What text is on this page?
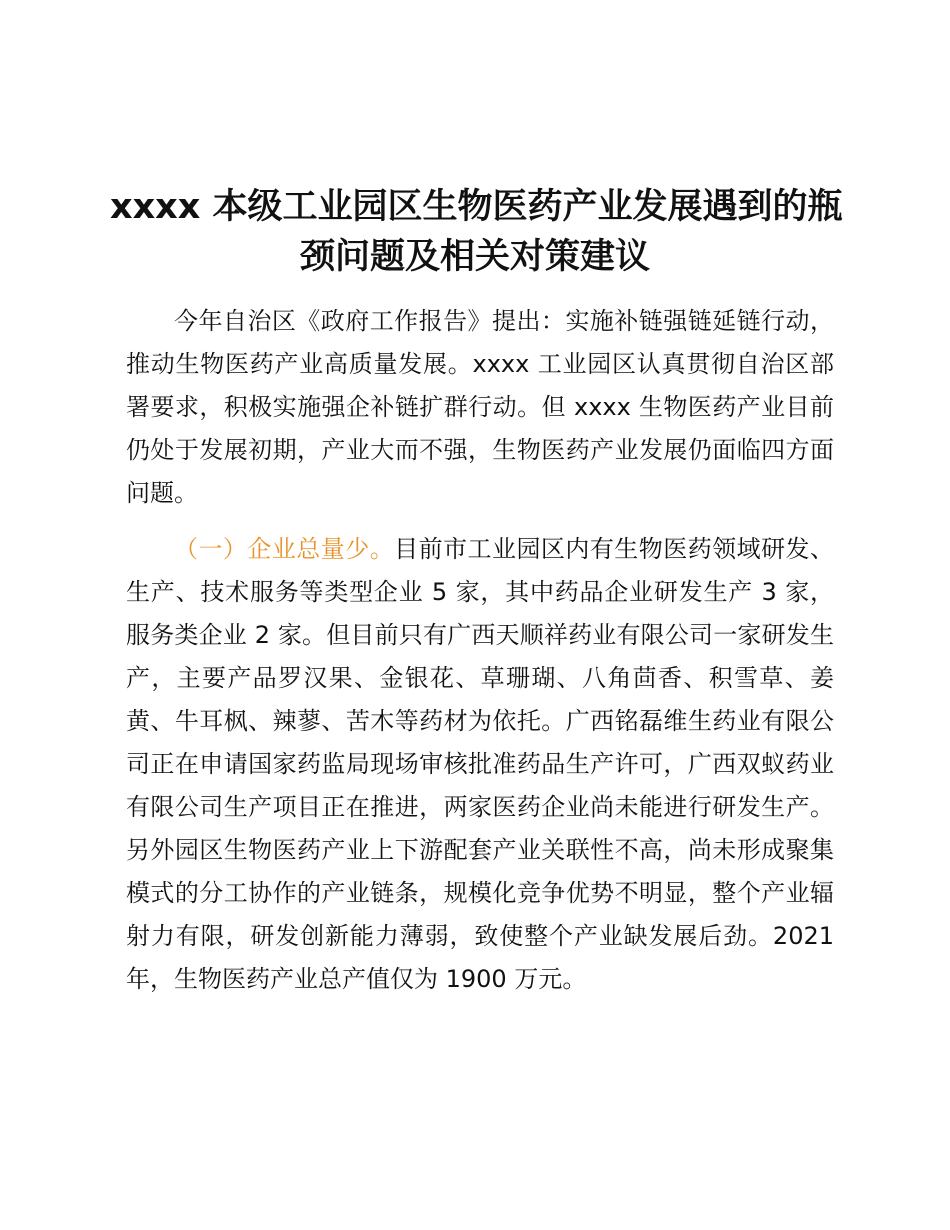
xxxx 本级工业园区生物医药产业发展遇到的瓶
颈问题及相关对策建议

今年自治区《政府工作报告》提出：实施补链强链延链行动，推动生物医药产业高质量发展。xxxx 工业园区认真贯彻自治区部署要求，积极实施强企补链扩群行动。但 xxxx 生物医药产业目前仍处于发展初期，产业大而不强，生物医药产业发展仍面临四方面问题。

（一）企业总量少。目前市工业园区内有生物医药领域研发、生产、技术服务等类型企业 5 家，其中药品企业研发生产 3 家，服务类企业 2 家。但目前只有广西天顺祥药业有限公司一家研发生产，主要产品罗汉果、金银花、草珊瑚、八角茴香、积雪草、姜黄、牛耳枫、辣蓼、苦木等药材为依托。广西铭磊维生药业有限公司正在申请国家药监局现场审核批准药品生产许可，广西双蚁药业有限公司生产项目正在推进，两家医药企业尚未能进行研发生产。另外园区生物医药产业上下游配套产业关联性不高，尚未形成聚集模式的分工协作的产业链条，规模化竞争优势不明显，整个产业辐射力有限，研发创新能力薄弱，致使整个产业缺发展后劲。2021 年，生物医药产业总产值仅为 1900 万元。
